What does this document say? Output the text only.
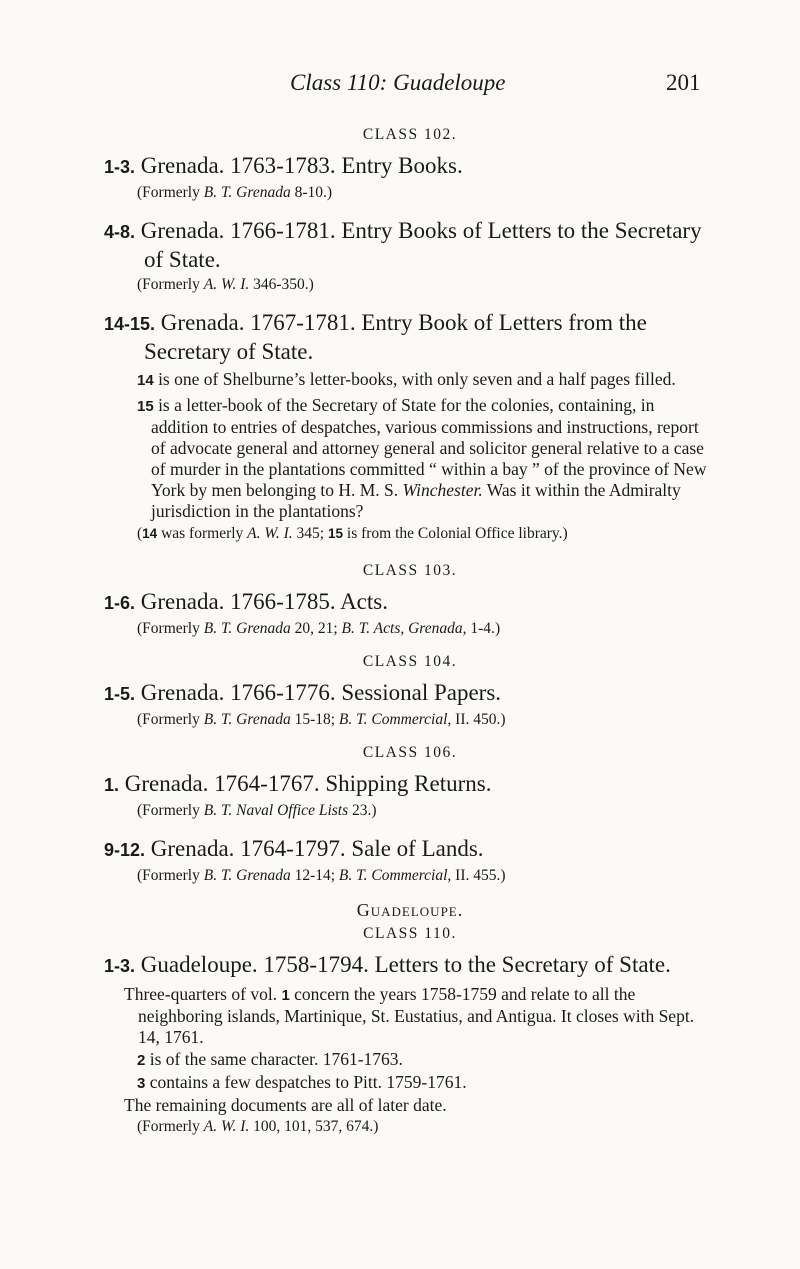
Class 110: Guadeloupe	201
CLASS 102.
1-3. Grenada. 1763-1783. Entry Books.
(Formerly B. T. Grenada 8-10.)
4-8. Grenada. 1766-1781. Entry Books of Letters to the Secretary of State.
(Formerly A. W. I. 346-350.)
14-15. Grenada. 1767-1781. Entry Book of Letters from the Secretary of State.

14 is one of Shelburne’s letter-books, with only seven and a half pages filled.

15 is a letter-book of the Secretary of State for the colonies, containing, in addition to entries of despatches, various commissions and instructions, report of advocate general and attorney general and solicitor general relative to a case of murder in the plantations committed “ within a bay ” of the province of New York by men belonging to H. M. S. Winchester. Was it within the Admiralty jurisdiction in the plantations?

(14 was formerly A. W. I. 345; 15 is from the Colonial Office library.)
CLASS 103.
1-6. Grenada. 1766-1785. Acts.
(Formerly B. T. Grenada 20, 21; B. T. Acts, Grenada, 1-4.)
CLASS 104.
1-5. Grenada. 1766-1776. Sessional Papers.
(Formerly B. T. Grenada 15-18; B. T. Commercial, II. 450.)
CLASS 106.
1. Grenada. 1764-1767. Shipping Returns.
(Formerly B. T. Naval Office Lists 23.)
9-12. Grenada. 1764-1797. Sale of Lands.
(Formerly B. T. Grenada 12-14; B. T. Commercial, II. 455.)
Guadeloupe.
CLASS 110.
1-3. Guadeloupe. 1758-1794. Letters to the Secretary of State.

Three-quarters of vol. 1 concern the years 1758-1759 and relate to all the neighboring islands, Martinique, St. Eustatius, and Antigua. It closes with Sept. 14, 1761.

2 is of the same character. 1761-1763.

3 contains a few despatches to Pitt. 1759-1761.

The remaining documents are all of later date.

(Formerly A. W. I. 100, 101, 537, 674.)
